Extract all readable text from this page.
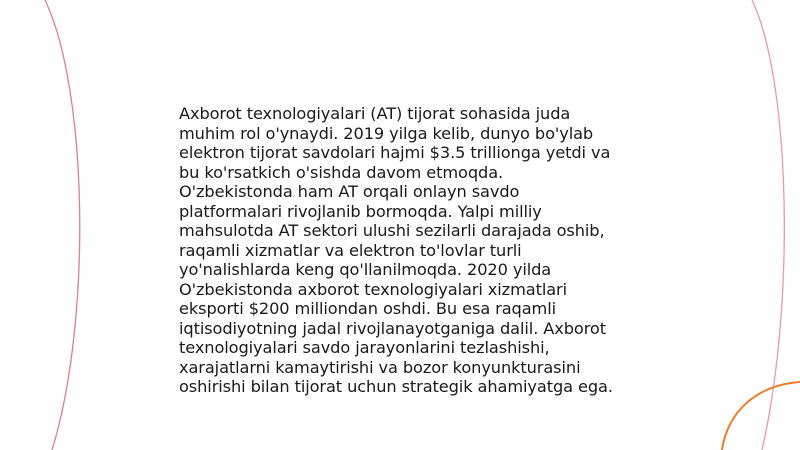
Axborot texnologiyalari (AT) tijorat sohasida juda
muhim rol o'ynaydi. 2019 yilga kelib, dunyo bo'ylab
elektron tijorat savdolari hajmi $3.5 trillionga yetdi va
bu ko'rsatkich o'sishda davom etmoqda.
O'zbekistonda ham AT orqali onlayn savdo
platformalari rivojlanib bormoqda. Yalpi milliy
mahsulotda AT sektori ulushi sezilarli darajada oshib,
raqamli xizmatlar va elektron to'lovlar turli
yo'nalishlarda keng qo'llanilmoqda. 2020 yilda
O'zbekistonda axborot texnologiyalari xizmatlari
eksporti $200 milliondan oshdi. Bu esa raqamli
iqtisodiyotning jadal rivojlanayotganiga dalil. Axborot
texnologiyalari savdo jarayonlarini tezlashishi,
xarajatlarni kamaytirishi va bozor konyunkturasini
oshirishi bilan tijorat uchun strategik ahamiyatga ega.
